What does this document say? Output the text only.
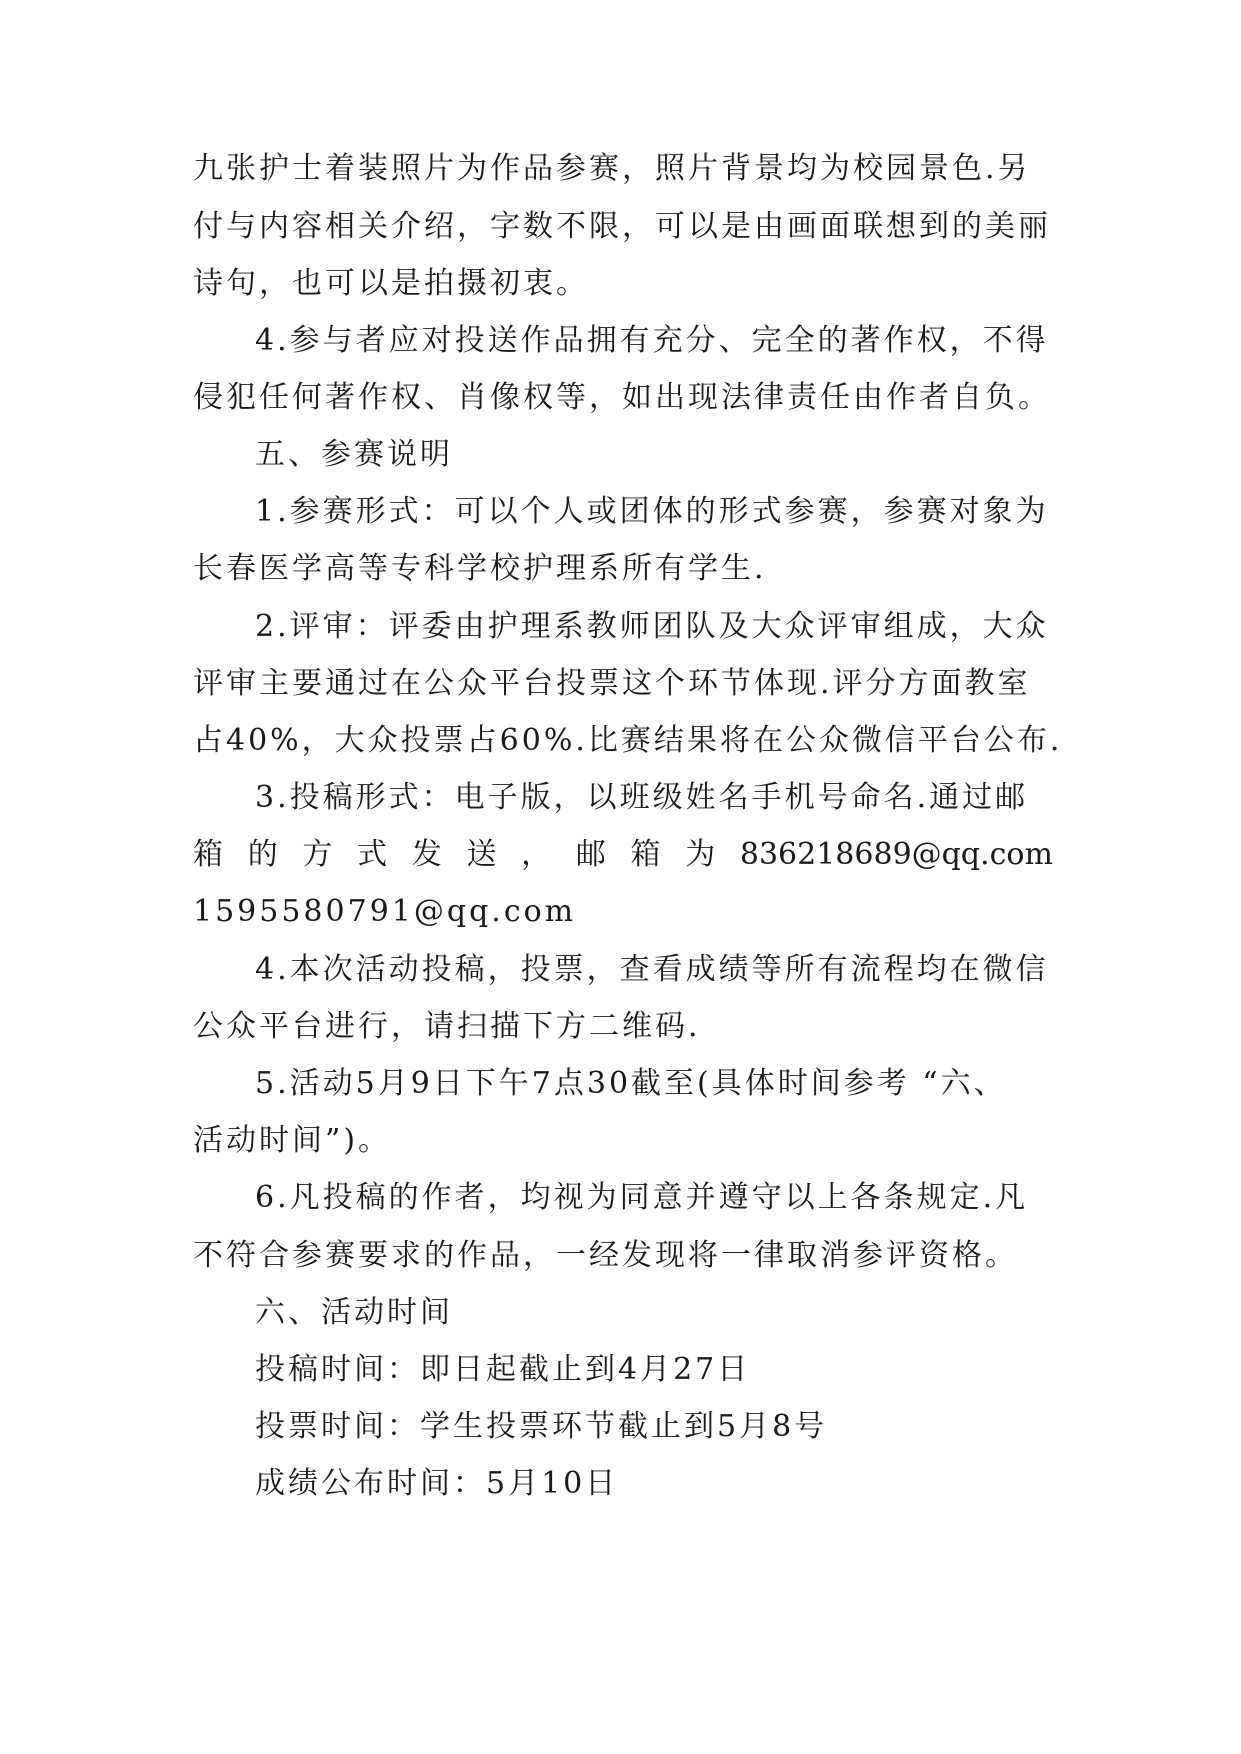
九张护士着装照片为作品参赛，照片背景均为校园景色.另
付与内容相关介绍，字数不限，可以是由画面联想到的美丽
诗句，也可以是拍摄初衷。
4.参与者应对投送作品拥有充分、完全的著作权，不得
侵犯任何著作权、肖像权等，如出现法律责任由作者自负。
五、参赛说明
1.参赛形式：可以个人或团体的形式参赛，参赛对象为
长春医学高等专科学校护理系所有学生.
2.评审：评委由护理系教师团队及大众评审组成，大众
评审主要通过在公众平台投票这个环节体现.评分方面教室
占40%，大众投票占60%.比赛结果将在公众微信平台公布.
3.投稿形式：电子版，以班级姓名手机号命名.通过邮
箱 的 方 式 发 送 ， 邮 箱 为 836218689@qq.com
1595580791@qq.com
4.本次活动投稿，投票，查看成绩等所有流程均在微信
公众平台进行，请扫描下方二维码.
5.活动5月9日下午7点30截至(具体时间参考 “六、
活动时间”)。
6.凡投稿的作者，均视为同意并遵守以上各条规定.凡
不符合参赛要求的作品，一经发现将一律取消参评资格。
六、活动时间
投稿时间：即日起截止到4月27日
投票时间：学生投票环节截止到5月8号
成绩公布时间：5月10日
